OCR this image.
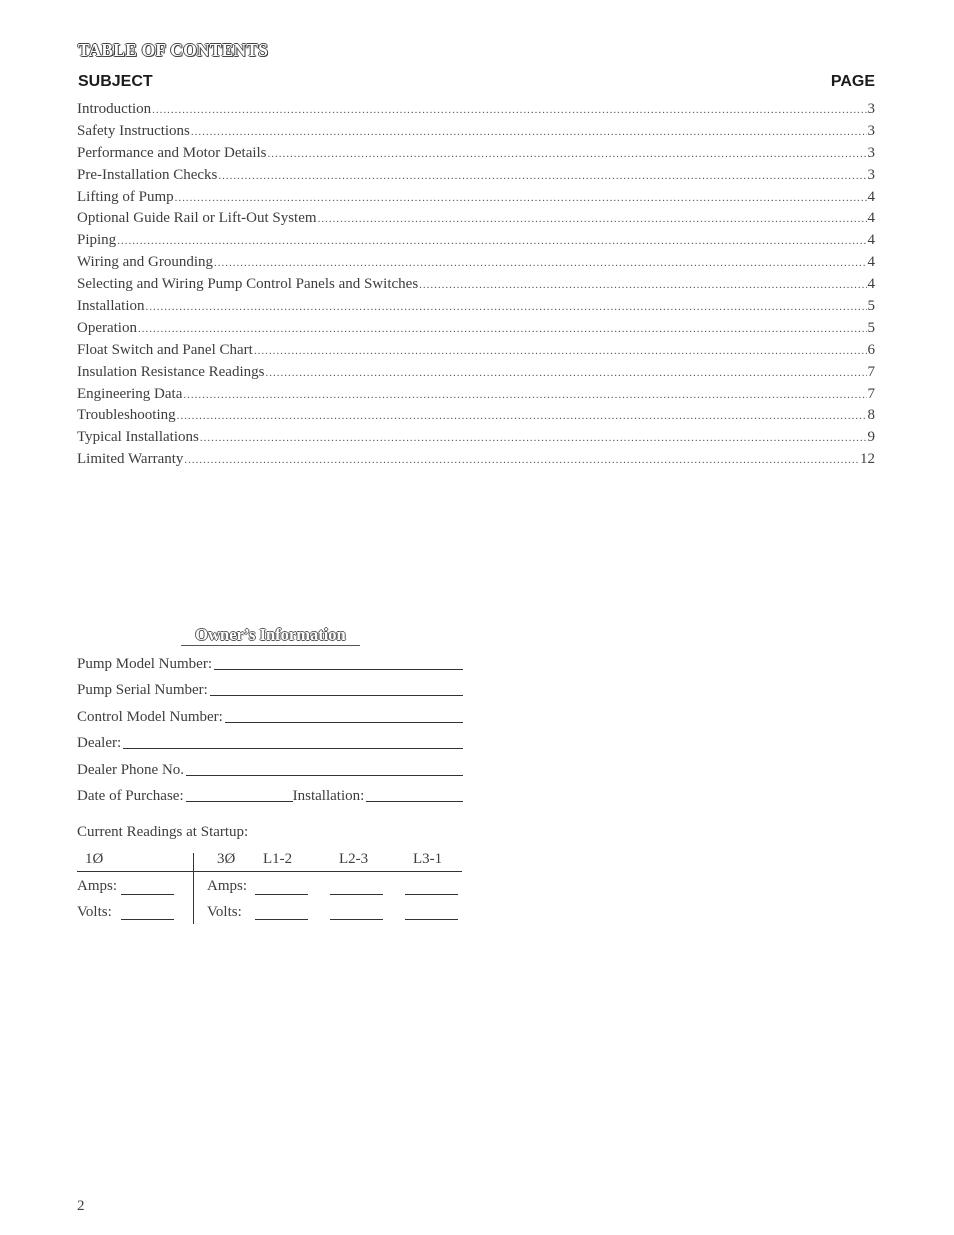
TABLE OF CONTENTS
SUBJECT	PAGE
Introduction .....	3
Safety Instructions .....	3
Performance and Motor Details .....	3
Pre-Installation Checks .....	3
Lifting of Pump .....	4
Optional Guide Rail or Lift-Out System .....	4
Piping .....	4
Wiring and Grounding .....	4
Selecting and Wiring Pump Control Panels and Switches .....	4
Installation .....	5
Operation .....	5
Float Switch and Panel Chart .....	6
Insulation Resistance Readings .....	7
Engineering Data .....	7
Troubleshooting .....	8
Typical Installations .....	9
Limited Warranty .....	12
Owner’s Information
Pump Model Number:
Pump Serial Number:
Control Model Number:
Dealer:
Dealer Phone No.
Date of Purchase:	Installation:
Current Readings at Startup:
1Ø	3Ø L1-2	L2-3	L3-1
Amps:	Amps:
Volts:	Volts:
2
